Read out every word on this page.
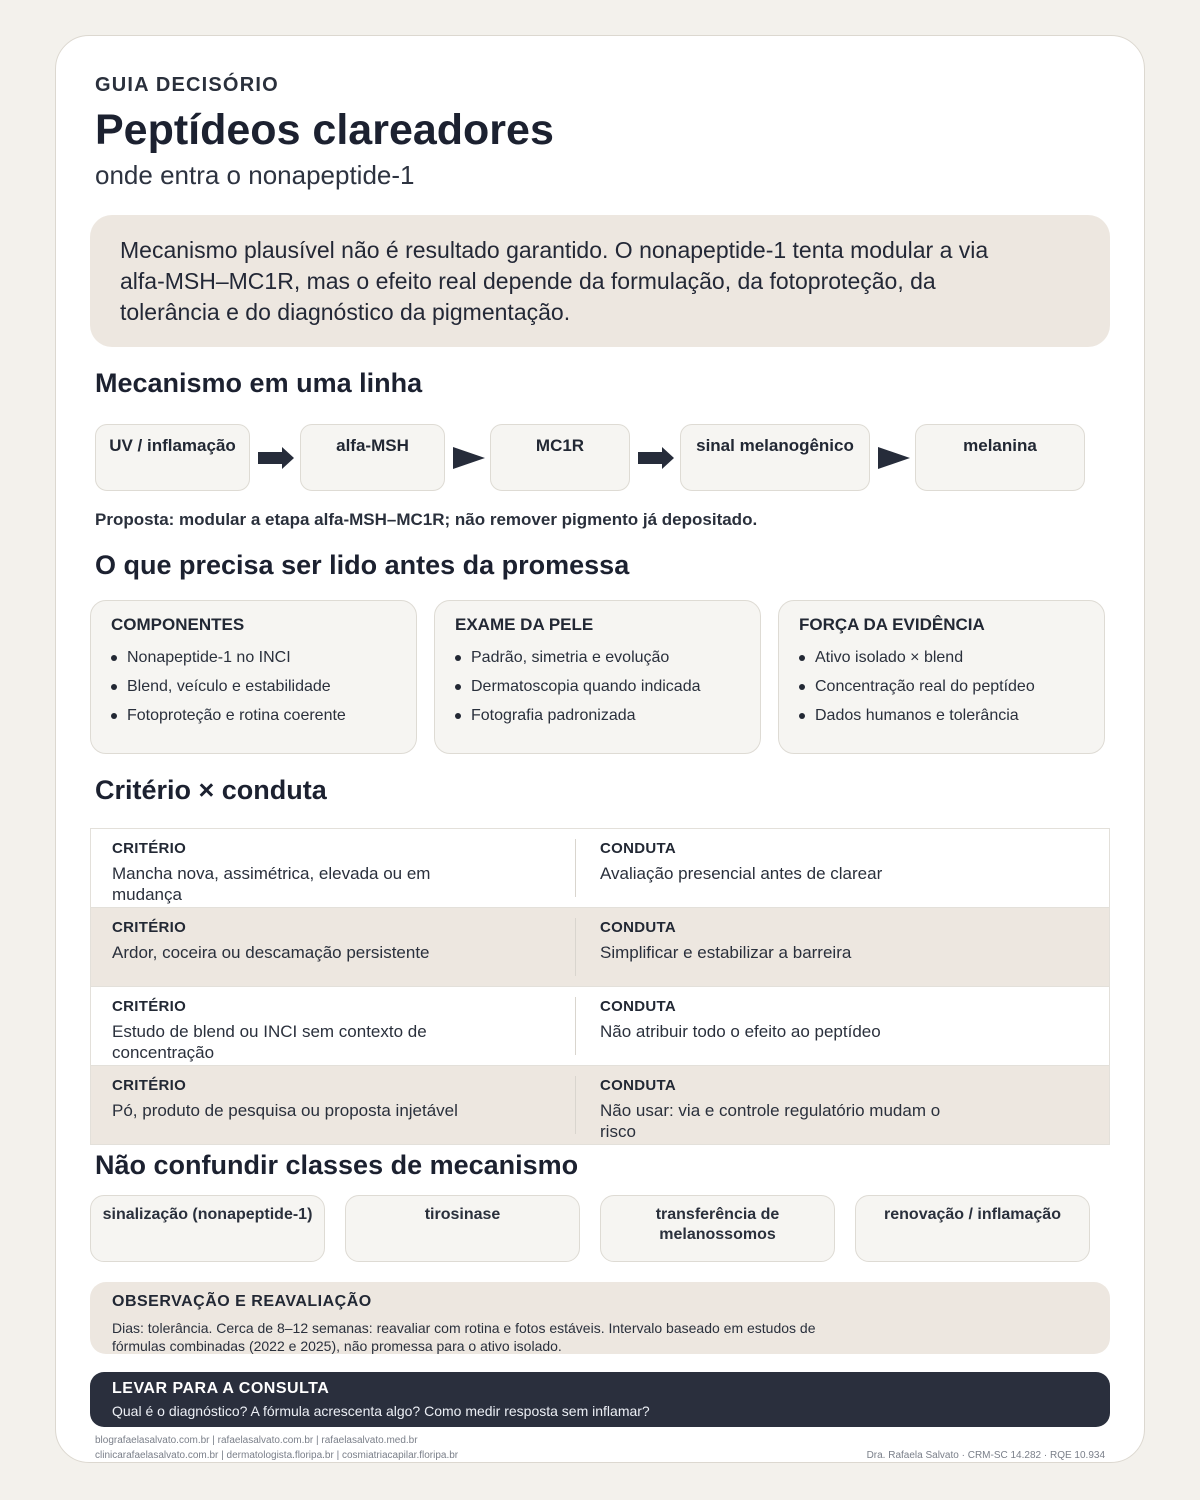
GUIA DECISÓRIO
Peptídeos clareadores
onde entra o nonapeptide-1

Mecanismo plausível não é resultado garantido. O nonapeptide-1 tenta modular a via alfa-MSH–MC1R, mas o efeito real depende da formulação, da fotoproteção, da tolerância e do diagnóstico da pigmentação.

Mecanismo em uma linha
UV / inflamação	alfa-MSH	MC1R	sinal melanogênico	melanina
Proposta: modular a etapa alfa-MSH–MC1R; não remover pigmento já depositado.
O que precisa ser lido antes da promessa
COMPONENTES
Nonapeptide-1 no INCI
Blend, veículo e estabilidade
Fotoproteção e rotina coerente
EXAME DA PELE
Padrão, simetria e evolução
Dermatoscopia quando indicada
Fotografia padronizada
FORÇA DA EVIDÊNCIA
Ativo isolado × blend
Concentração real do peptídeo
Dados humanos e tolerância
Critério × conduta
CRITÉRIO
Mancha nova, assimétrica, elevada ou em mudança
CONDUTA
Avaliação presencial antes de clarear
CRITÉRIO
Ardor, coceira ou descamação persistente
CONDUTA
Simplificar e estabilizar a barreira
CRITÉRIO
Estudo de blend ou INCI sem contexto de concentração
CONDUTA
Não atribuir todo o efeito ao peptídeo
CRITÉRIO
Pó, produto de pesquisa ou proposta injetável
CONDUTA
Não usar: via e controle regulatório mudam o risco
Não confundir classes de mecanismo
sinalização (nonapeptide-1)	tirosinase	transferência de melanossomos
renovação / inflamação
OBSERVAÇÃO E REAVALIAÇÃO

Dias: tolerância. Cerca de 8–12 semanas: reavaliar com rotina e fotos estáveis. Intervalo baseado em estudos de fórmulas combinadas (2022 e 2025), não promessa para o ativo isolado.

LEVAR PARA A CONSULTA

Qual é o diagnóstico? A fórmula acrescenta algo? Como medir resposta sem inflamar?

blografaelasalvato.com.br | rafaelasalvato.com.br | rafaelasalvato.med.br
clinicarafaelasalvato.com.br | dermatologista.floripa.br | cosmiatriacapilar.floripa.br	Dra. Rafaela Salvato · CRM-SC 14.282 · RQE 10.934
